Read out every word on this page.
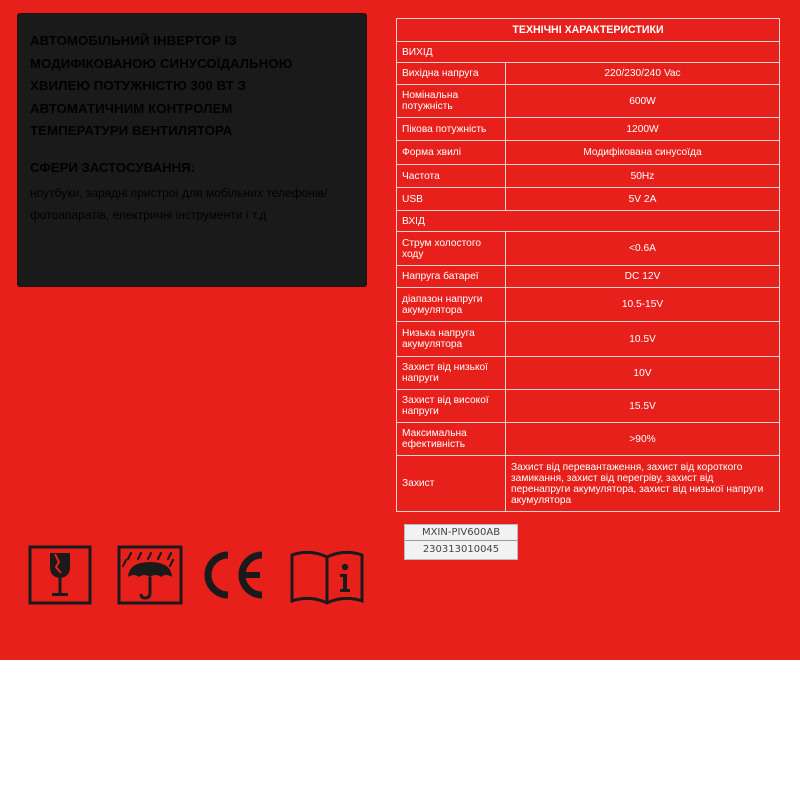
АВТОМОБІЛЬНИЙ ІНВЕРТОР ІЗ МОДИФІКОВАНОЮ СИНУСОЇДАЛЬНОЮ ХВИЛЕЮ ПОТУЖНІСТЮ 300 ВТ З АВТОМАТИЧНИМ КОНТРОЛЕМ ТЕМПЕРАТУРИ ВЕНТИЛЯТОРА
СФЕРИ ЗАСТОСУВАННЯ:
ноутбуки, зарядні пристрої для мобільних телефонів/фотоапаратів, електричні інструменти і т.д
ТЕХНІЧНІ ХАРАКТЕРИСТИКИ	
ВИХІД	
Вихідна напруга	220/230/240 Vac
Номінальна потужність	600W
Пікова потужність	1200W
Форма хвилі	Модифікована синусоїда
Частота	50Hz
USB	5V 2A
ВХІД	
Струм холостого ходу	<0.6A
Напруга батареї	DC 12V
діапазон напруги акумулятора	10.5-15V
Низька напруга акумулятора	10.5V
Захист від низької напруги	10V
Захист від високої напруги	15.5V
Максимальна ефективність	>90%
Захист	Захист від перевантаження, захист від короткого замикання, захист від перегріву, захист від перенапруги акумулятора, захист від низької напруги акумулятора
MXIN-PIV600AB
230313010045
